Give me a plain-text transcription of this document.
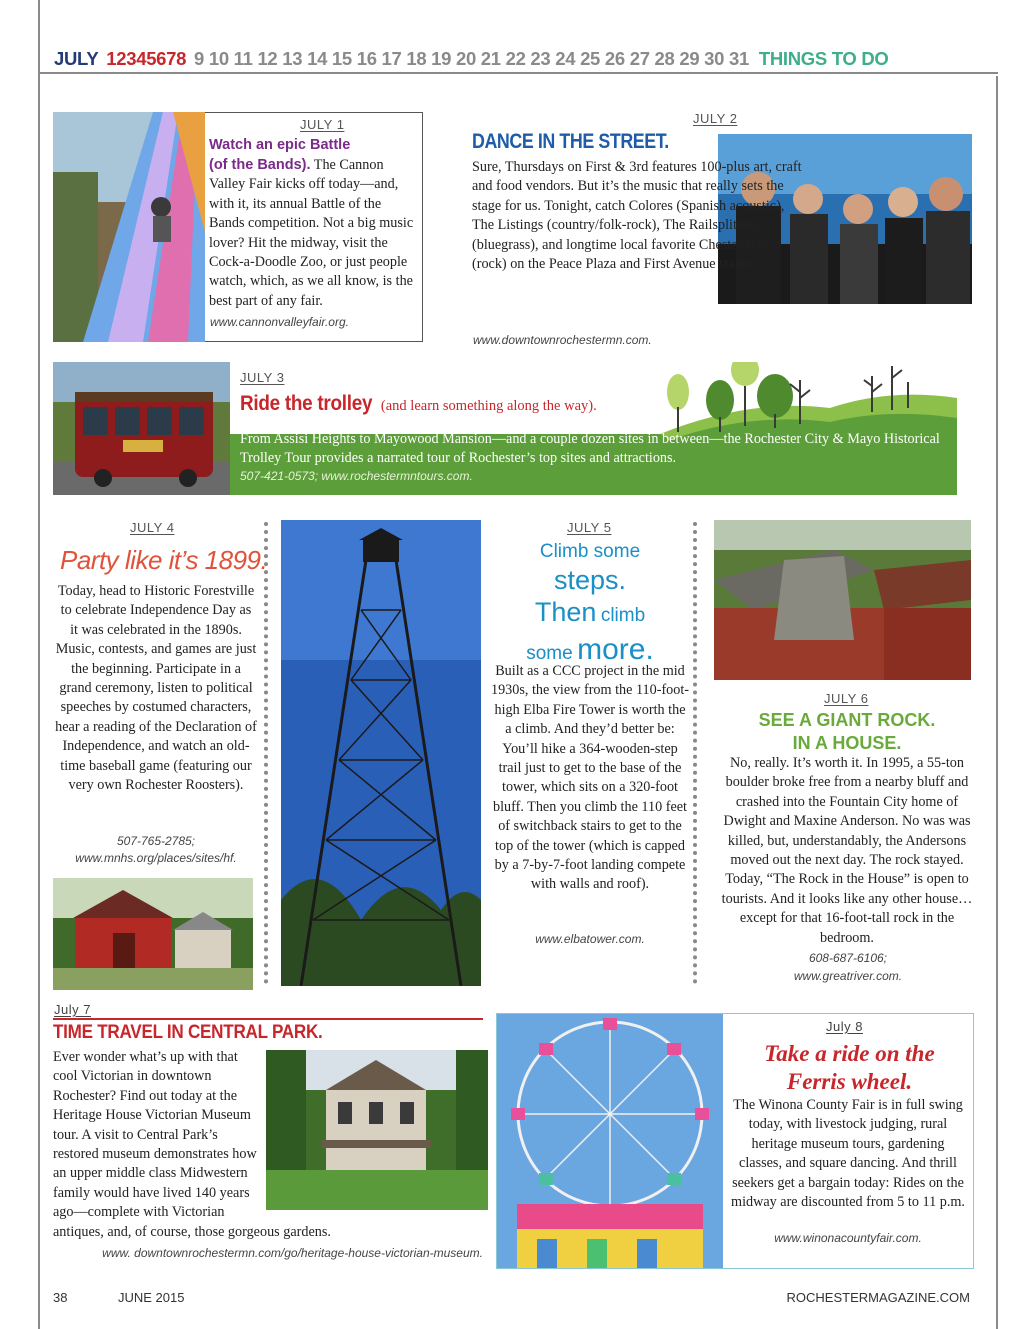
JULY 12345678 9 10 11 12 13 14 15 16 17 18 19 20 21 22 23 24 25 26 27 28 29 30 31 THINGS TO DO
JULY 1
Watch an epic Battle
(of the Bands). The Cannon Valley Fair kicks off today—and, with it, its annual Battle of the Bands competition. Not a big music lover? Hit the midway, visit the Cock-a-Doodle Zoo, or just people watch, which, as we all know, is the best part of any fair.
www.cannonvalleyfair.org.
JULY 2
DANCE IN THE STREET.
Sure, Thursdays on First & 3rd features 100-plus art, craft and food vendors. But it’s the music that really sets the stage for us. Tonight, catch Colores (Spanish acoustic), The Listings (country/folk-rock), The Railsplitters (bluegrass), and longtime local favorite Chester Bay (rock) on the Peace Plaza and First Avenue stages.
www.downtownrochestermn.com.
JULY 3
Ride the trolley (and learn something along the way).
From Assisi Heights to Mayowood Mansion—and a couple dozen sites in between—the Rochester City & Mayo Historical Trolley Tour provides a narrated tour of Rochester’s top sites and attractions.
507-421-0573; www.rochestermntours.com.
JULY 4
Party like it’s 1899.
Today, head to Historic Forestville to celebrate Independence Day as it was celebrated in the 1890s. Music, contests, and games are just the beginning. Participate in a grand ceremony, listen to political speeches by costumed characters, hear a reading of the Declaration of Independence, and watch an old-time baseball game (featuring our very own Rochester Roosters).
507-765-2785; www.mnhs.org/places/sites/hf.
JULY 5
Climb some
steps.
Then climb
some more.
Built as a CCC project in the mid 1930s, the view from the 110-foot-high Elba Fire Tower is worth the a climb. And they’d better be: You’ll hike a 364-wooden-step trail just to get to the base of the tower, which sits on a 320-foot bluff. Then you climb the 110 feet of switchback stairs to get to the top of the tower (which is capped by a 7-by-7-foot landing compete with walls and roof).
www.elbatower.com.
JULY 6
SEE A GIANT ROCK.
IN A HOUSE.
No, really. It’s worth it. In 1995, a 55-ton boulder broke free from a nearby bluff and crashed into the Fountain City home of Dwight and Maxine Anderson. No was was killed, but, understandably, the Andersons moved out the next day. The rock stayed. Today, “The Rock in the House” is open to tourists. And it looks like any other house… except for that 16-foot-tall rock in the bedroom.
608-687-6106; www.greatriver.com.
July 7
TIME TRAVEL IN CENTRAL PARK.
Ever wonder what’s up with that cool Victorian in downtown Rochester? Find out today at the Heritage House Victorian Museum tour. A visit to Central Park’s restored museum demonstrates how an upper middle class Midwestern family would have lived 140 years ago—complete with Victorian antiques, and, of course, those gorgeous gardens.
www. downtownrochestermn.com/go/heritage-house-victorian-museum.
July 8
Take a ride on the
Ferris wheel.
The Winona County Fair is in full swing today, with livestock judging, rural heritage museum tours, gardening classes, and square dancing. And thrill seekers get a bargain today: Rides on the midway are discounted from 5 to 11 p.m.
www.winonacountyfair.com.
38	JUNE 2015	ROCHESTERMAGAZINE.COM
